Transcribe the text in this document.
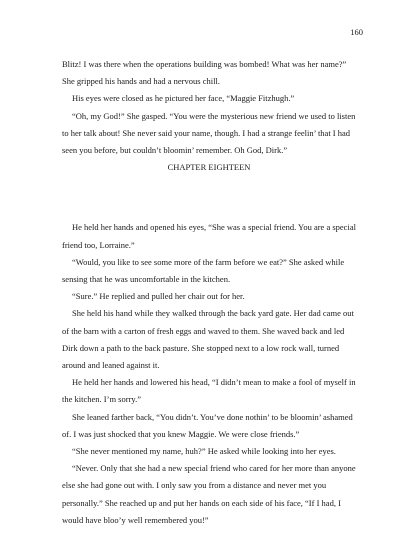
160

Blitz! I was there when the operations building was bombed! What was her name?” She gripped his hands and had a nervous chill.

His eyes were closed as he pictured her face, “Maggie Fitzhugh.”

“Oh, my God!” She gasped. “You were the mysterious new friend we used to listen to her talk about! She never said your name, though. I had a strange feelin’ that I had seen you before, but couldn’t bloomin’ remember. Oh God, Dirk.”

CHAPTER EIGHTEEN

He held her hands and opened his eyes, “She was a special friend. You are a special friend too, Lorraine.”

“Would, you like to see some more of the farm before we eat?” She asked while sensing that he was uncomfortable in the kitchen.

“Sure.” He replied and pulled her chair out for her.

She held his hand while they walked through the back yard gate. Her dad came out of the barn with a carton of fresh eggs and waved to them. She waved back and led Dirk down a path to the back pasture. She stopped next to a low rock wall, turned around and leaned against it.

He held her hands and lowered his head, “I didn’t mean to make a fool of myself in the kitchen. I’m sorry.”

She leaned farther back, “You didn’t. You’ve done nothin’ to be bloomin’ ashamed of. I was just shocked that you knew Maggie. We were close friends.”

“She never mentioned my name, huh?” He asked while looking into her eyes.

“Never. Only that she had a new special friend who cared for her more than anyone else she had gone out with. I only saw you from a distance and never met you personally.” She reached up and put her hands on each side of his face, “If I had, I would have bloo’y well remembered you!”
